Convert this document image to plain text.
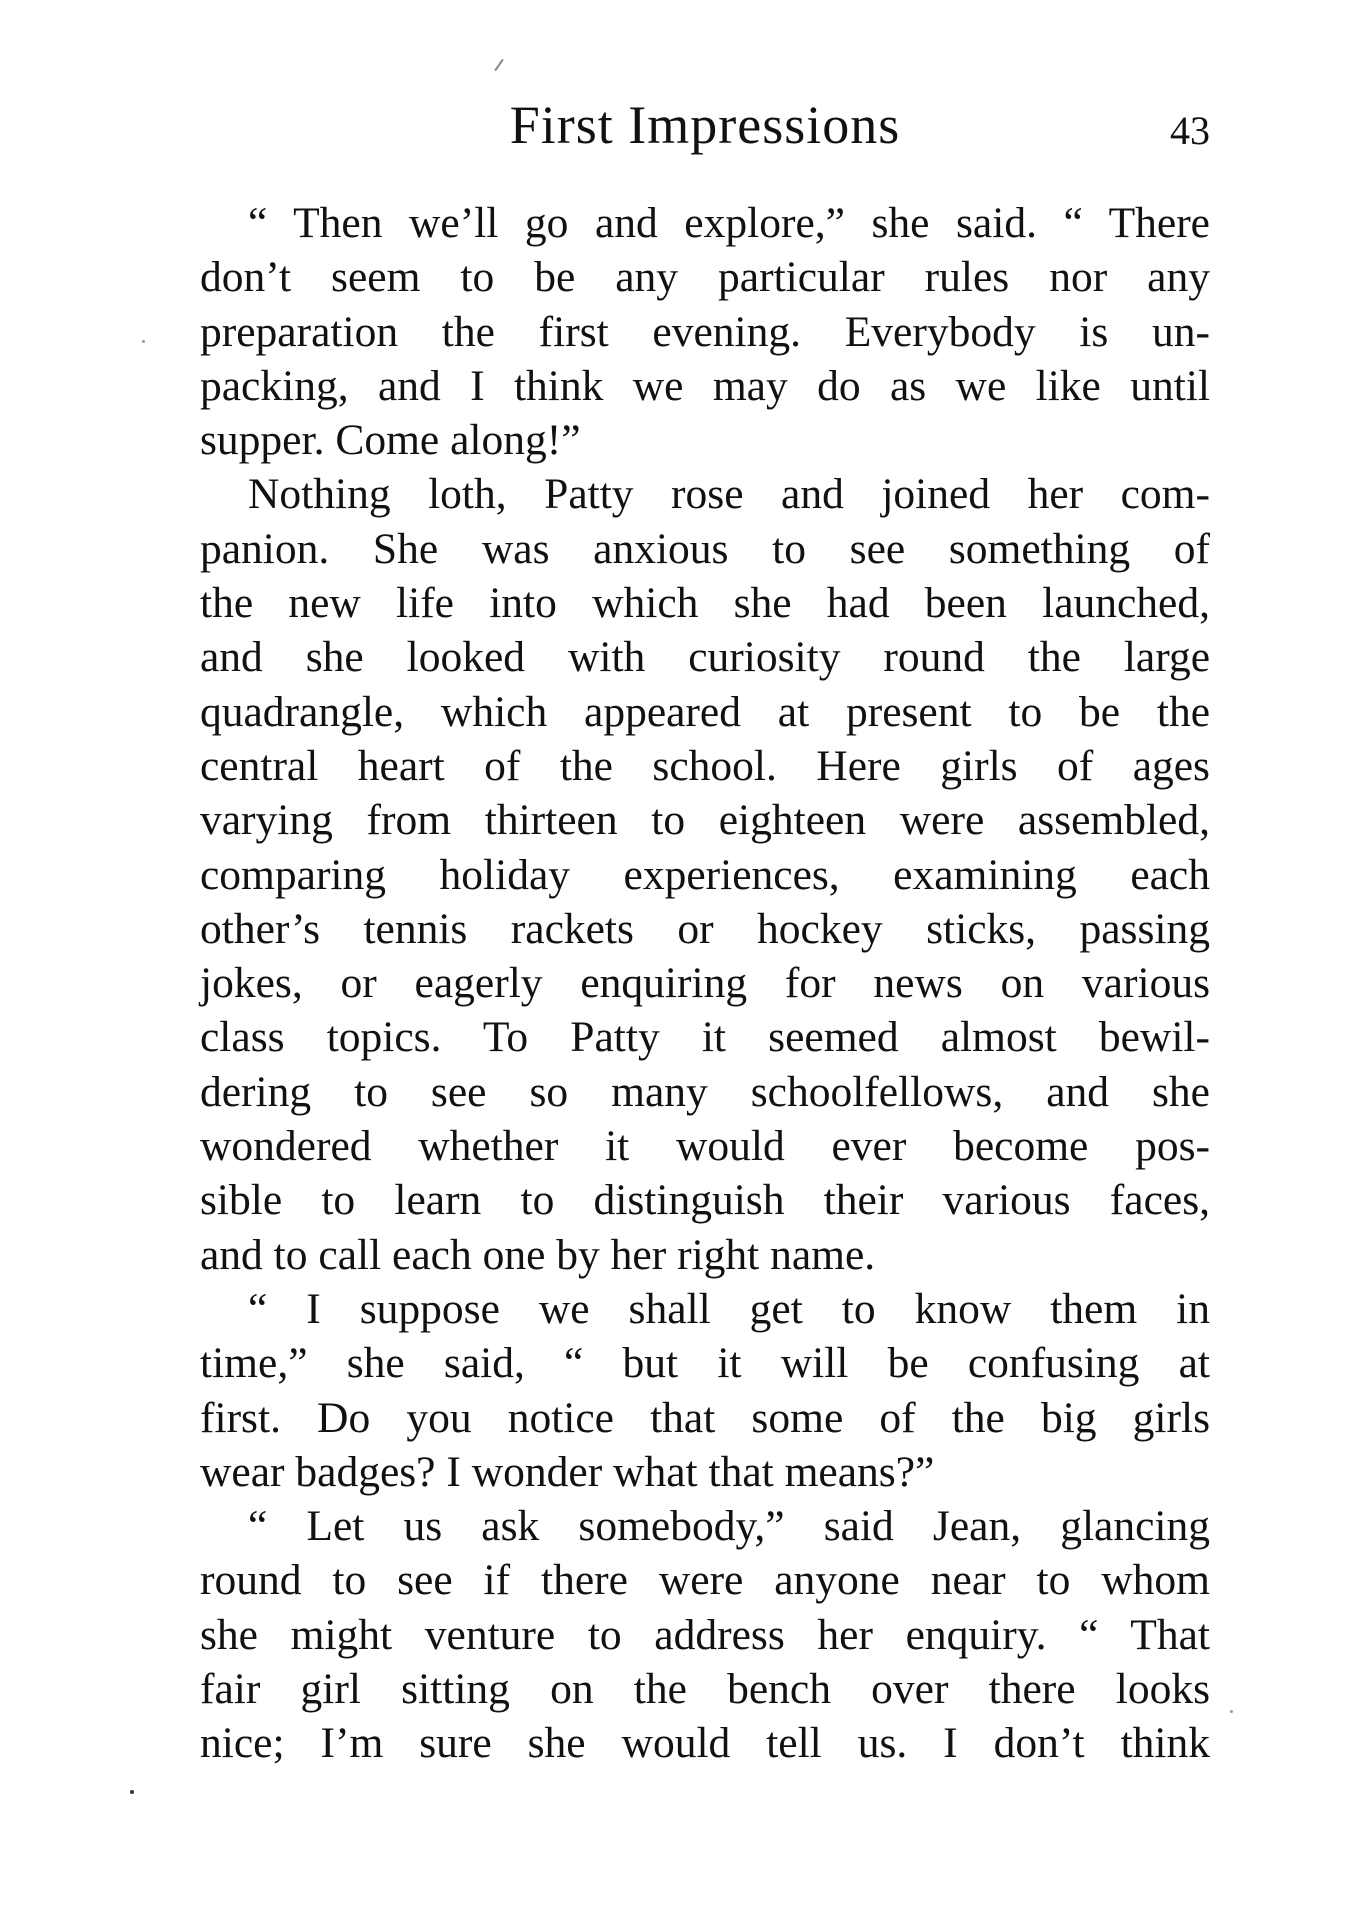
First Impressions	43
“ Then we’ll go and explore,” she said. “ There
don’t seem to be any particular rules nor any
preparation the first evening. Everybody is un-
packing, and I think we may do as we like until
supper. Come along!”
Nothing loth, Patty rose and joined her com-
panion. She was anxious to see something of
the new life into which she had been launched,
and she looked with curiosity round the large
quadrangle, which appeared at present to be the
central heart of the school. Here girls of ages
varying from thirteen to eighteen were assembled,
comparing holiday experiences, examining each
other’s tennis rackets or hockey sticks, passing
jokes, or eagerly enquiring for news on various
class topics. To Patty it seemed almost bewil-
dering to see so many schoolfellows, and she
wondered whether it would ever become pos-
sible to learn to distinguish their various faces,
and to call each one by her right name.
“ I suppose we shall get to know them in
time,” she said, “ but it will be confusing at
first. Do you notice that some of the big girls
wear badges? I wonder what that means?”
“ Let us ask somebody,” said Jean, glancing
round to see if there were anyone near to whom
she might venture to address her enquiry. “ That
fair girl sitting on the bench over there looks
nice; I’m sure she would tell us. I don’t think
